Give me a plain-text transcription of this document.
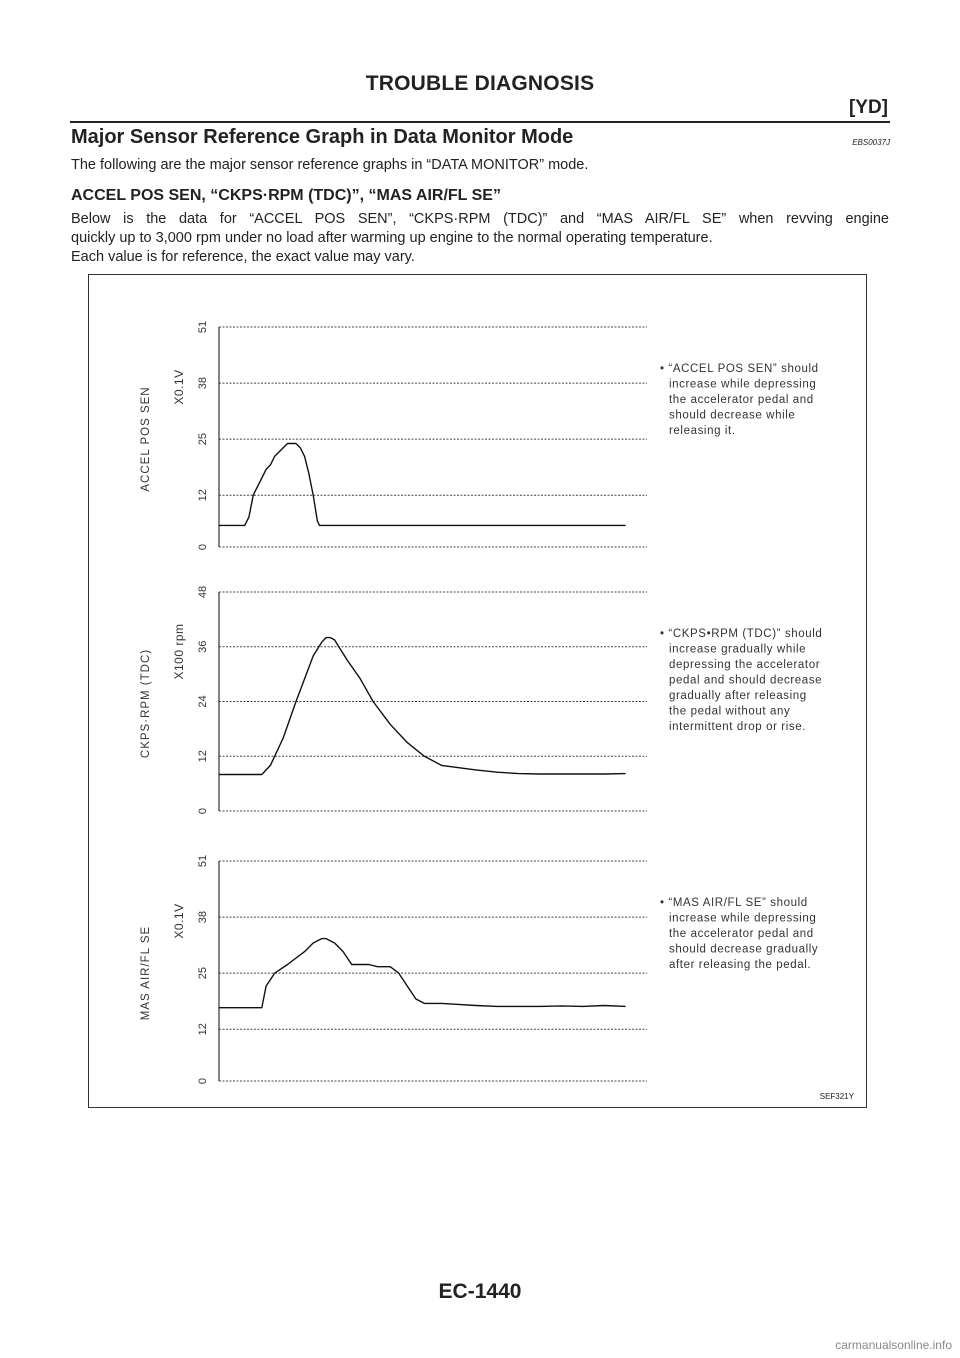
TROUBLE DIAGNOSIS
[YD]
Major Sensor Reference Graph in Data Monitor Mode	EBS0037J
The following are the major sensor reference graphs in “DATA MONITOR” mode.
ACCEL POS SEN, “CKPS·RPM (TDC)”, “MAS AIR/FL SE”

Below is the data for “ACCEL POS SEN”, “CKPS·RPM (TDC)” and “MAS AIR/FL SE” when revving engine

quickly up to 3,000 rpm under no load after warming up engine to the normal operating temperature.

Each value is for reference, the exact value may vary.

0
12
25
38
51
X0.1V
ACCEL POS SEN
• “ACCEL POS SEN” should
increase while depressing
the accelerator pedal and
should decrease while
releasing it.
0
12
24
36
48
X100 rpm
CKPS·RPM (TDC)
• “CKPS•RPM (TDC)” should
increase gradually while
depressing the accelerator
pedal and should decrease
gradually after releasing
the pedal without any
intermittent drop or rise.
0
12
25
38
51
X0.1V
MAS AIR/FL SE
• “MAS AIR/FL SE” should
increase while depressing
the accelerator pedal and
should decrease gradually
after releasing the pedal.
SEF321Y
EC-1440
carmanualsonline.info
